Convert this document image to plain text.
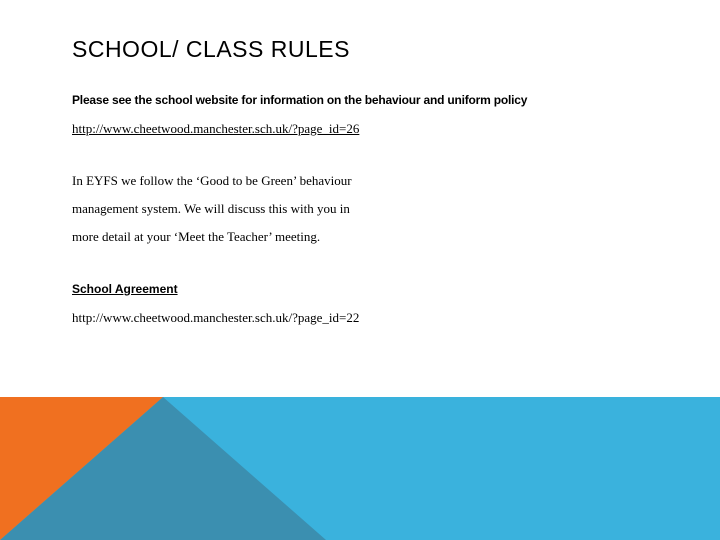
SCHOOL/ CLASS RULES
Please see the school website for information on the behaviour and uniform policy
http://www.cheetwood.manchester.sch.uk/?page_id=26
In EYFS we follow the ‘Good to be Green’ behaviour
management system. We will discuss this with you in
more detail at your ‘Meet the Teacher’ meeting.
School Agreement
http://www.cheetwood.manchester.sch.uk/?page_id=22
